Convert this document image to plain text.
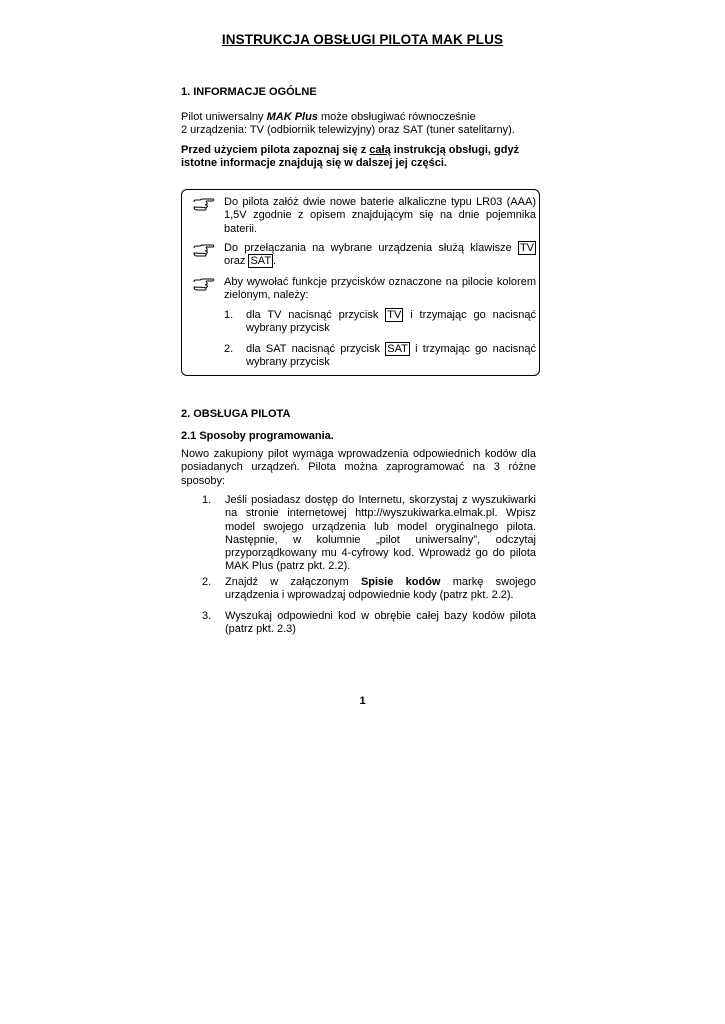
INSTRUKCJA OBSŁUGI PILOTA MAK PLUS
1. INFORMACJE OGÓLNE
Pilot uniwersalny MAK Plus może obsługiwać równocześnie
2 urządzenia: TV (odbiornik telewizyjny) oraz SAT (tuner satelitarny).
Przed użyciem pilota zapoznaj się z całą instrukcją obsługi, gdyż
istotne informacje znajdują się w dalszej jej części.
Do pilota załóż dwie nowe baterie alkaliczne typu LR03 (AAA) 1,5V zgodnie z opisem znajdującym się na dnie pojemnika baterii.
Do przełączania na wybrane urządzenia służą klawisze TV
oraz SAT .
Aby wywołać funkcje przycisków oznaczone na pilocie kolorem zielonym, należy:
1. dla TV nacisnąć przycisk TV i trzymając go nacisnąć
wybrany przycisk
2. dla SAT nacisnąć przycisk SAT i trzymając go nacisnąć
wybrany przycisk
2. OBSŁUGA PILOTA
2.1 Sposoby programowania.
Nowo zakupiony pilot wymaga wprowadzenia odpowiednich kodów dla posiadanych urządzeń. Pilota można zaprogramować na 3 różne sposoby:
1. Jeśli posiadasz dostęp do Internetu, skorzystaj z wyszukiwarki na stronie internetowej http://wyszukiwarka.elmak.pl. Wpisz model swojego urządzenia lub model oryginalnego pilota. Następnie, w kolumnie „pilot uniwersalny”, odczytaj przyporządkowany mu 4-cyfrowy kod. Wprowadź go do pilota MAK Plus (patrz pkt. 2.2).
2. Znajdź w załączonym Spisie kodów markę swojego urządzenia i wprowadzaj odpowiednie kody (patrz pkt. 2.2).
3. Wyszukaj odpowiedni kod w obrębie całej bazy kodów pilota (patrz pkt. 2.3)
1
